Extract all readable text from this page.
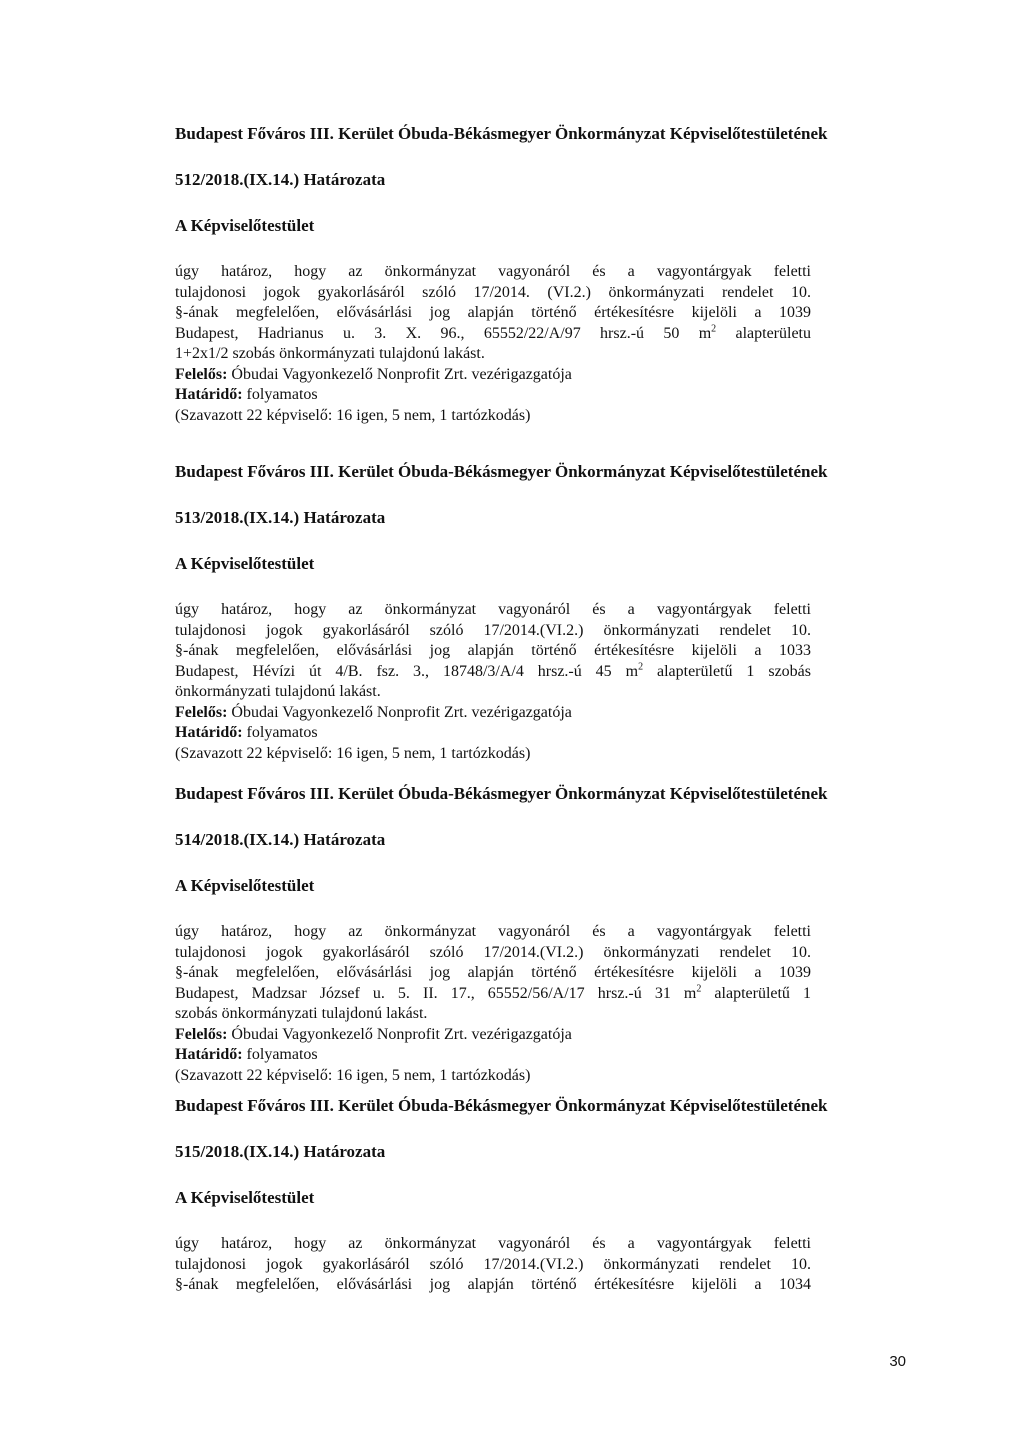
Budapest Főváros III. Kerület Óbuda-Békásmegyer Önkormányzat Képviselőtestületének
512/2018.(IX.14.) Határozata
A Képviselőtestület
úgy határoz, hogy az önkormányzat vagyonáról és a vagyontárgyak feletti
tulajdonosi jogok gyakorlásáról szóló 17/2014. (VI.2.) önkormányzati rendelet 10.
§-ának megfelelően, elővásárlási jog alapján történő értékesítésre kijelöli a 1039
Budapest, Hadrianus u. 3. X. 96., 65552/22/A/97 hrsz.-ú 50 $m^2$ alapterületu
1+2x1/2 szobás önkormányzati tulajdonú lakást.
Felelős: Óbudai Vagyonkezelő Nonprofit Zrt. vezérigazgatója
Határidő: folyamatos
(Szavazott 22 képviselő: 16 igen, 5 nem, 1 tartózkodás)
Budapest Főváros III. Kerület Óbuda-Békásmegyer Önkormányzat Képviselőtestületének
513/2018.(IX.14.) Határozata
A Képviselőtestület
úgy határoz, hogy az önkormányzat vagyonáról és a vagyontárgyak feletti
tulajdonosi jogok gyakorlásáról szóló 17/2014.(VI.2.) önkormányzati rendelet 10.
§-ának megfelelően, elővásárlási jog alapján történő értékesítésre kijelöli a 1033
Budapest, Hévízi út 4/B. fsz. 3., 18748/3/A/4 hrsz.-ú 45 $m^2$ alapterületű 1 szobás
önkormányzati tulajdonú lakást.
Felelős: Óbudai Vagyonkezelő Nonprofit Zrt. vezérigazgatója
Határidő: folyamatos
(Szavazott 22 képviselő: 16 igen, 5 nem, 1 tartózkodás)
Budapest Főváros III. Kerület Óbuda-Békásmegyer Önkormányzat Képviselőtestületének
514/2018.(IX.14.) Határozata
A Képviselőtestület
úgy határoz, hogy az önkormányzat vagyonáról és a vagyontárgyak feletti
tulajdonosi jogok gyakorlásáról szóló 17/2014.(VI.2.) önkormányzati rendelet 10.
§-ának megfelelően, elővásárlási jog alapján történő értékesítésre kijelöli a 1039
Budapest, Madzsar József u. 5. II. 17., 65552/56/A/17 hrsz.-ú 31 $m^2$ alapterületű 1
szobás önkormányzati tulajdonú lakást.
Felelős: Óbudai Vagyonkezelő Nonprofit Zrt. vezérigazgatója
Határidő: folyamatos
(Szavazott 22 képviselő: 16 igen, 5 nem, 1 tartózkodás)
Budapest Főváros III. Kerület Óbuda-Békásmegyer Önkormányzat Képviselőtestületének
515/2018.(IX.14.) Határozata
A Képviselőtestület
úgy határoz, hogy az önkormányzat vagyonáról és a vagyontárgyak feletti
tulajdonosi jogok gyakorlásáról szóló 17/2014.(VI.2.) önkormányzati rendelet 10.
§-ának megfelelően, elővásárlási jog alapján történő értékesítésre kijelöli a 1034
30
